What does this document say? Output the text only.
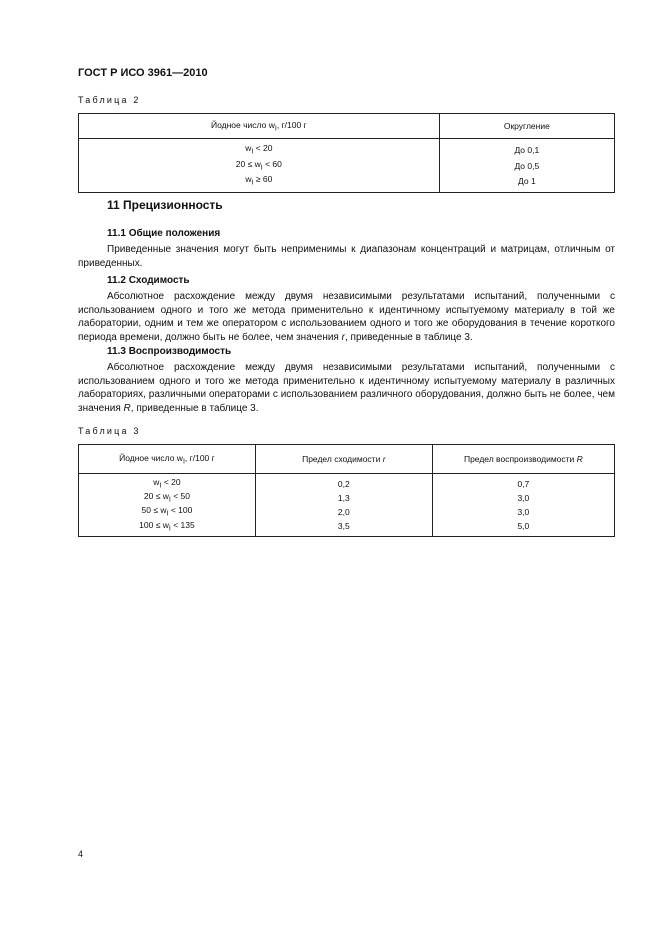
ГОСТ Р ИСО 3961—2010
Таблица 2
Йодное число $w_I$, г/100 г	Округление
$w_I < 20$	До 0,1
$20 \le w_I < 60$	До 0,5
$w_I \ge 60$	До 1
11 Прецизионность
11.1 Общие положения

Приведенные значения могут быть неприменимы к диапазонам концентраций и матрицам, отличным от приведенных.

11.2 Сходимость

Абсолютное расхождение между двумя независимыми результатами испытаний, полученными с использованием одного и того же метода применительно к идентичному испытуемому материалу в той же лаборатории, одним и тем же оператором с использованием одного и того же оборудования в течение короткого периода времени, должно быть не более, чем значения r, приведенные в таблице 3.

11.3 Воспроизводимость

Абсолютное расхождение между двумя независимыми результатами испытаний, полученными с использованием одного и того же метода применительно к идентичному испытуемому материалу в различных лабораториях, различными операторами с использованием различного оборудования, должно быть не более, чем значения R, приведенные в таблице 3.

Таблица 3
Йодное число $w_I$, г/100 г	Предел сходимости r	Предел воспроизводимости R
$w_I < 20$	0,2	0,7
$20 \le w_I < 50$	1,3	3,0
$50 \le w_I < 100$	2,0	3,0
$100 \le w_I < 135$	3,5	5,0
4
